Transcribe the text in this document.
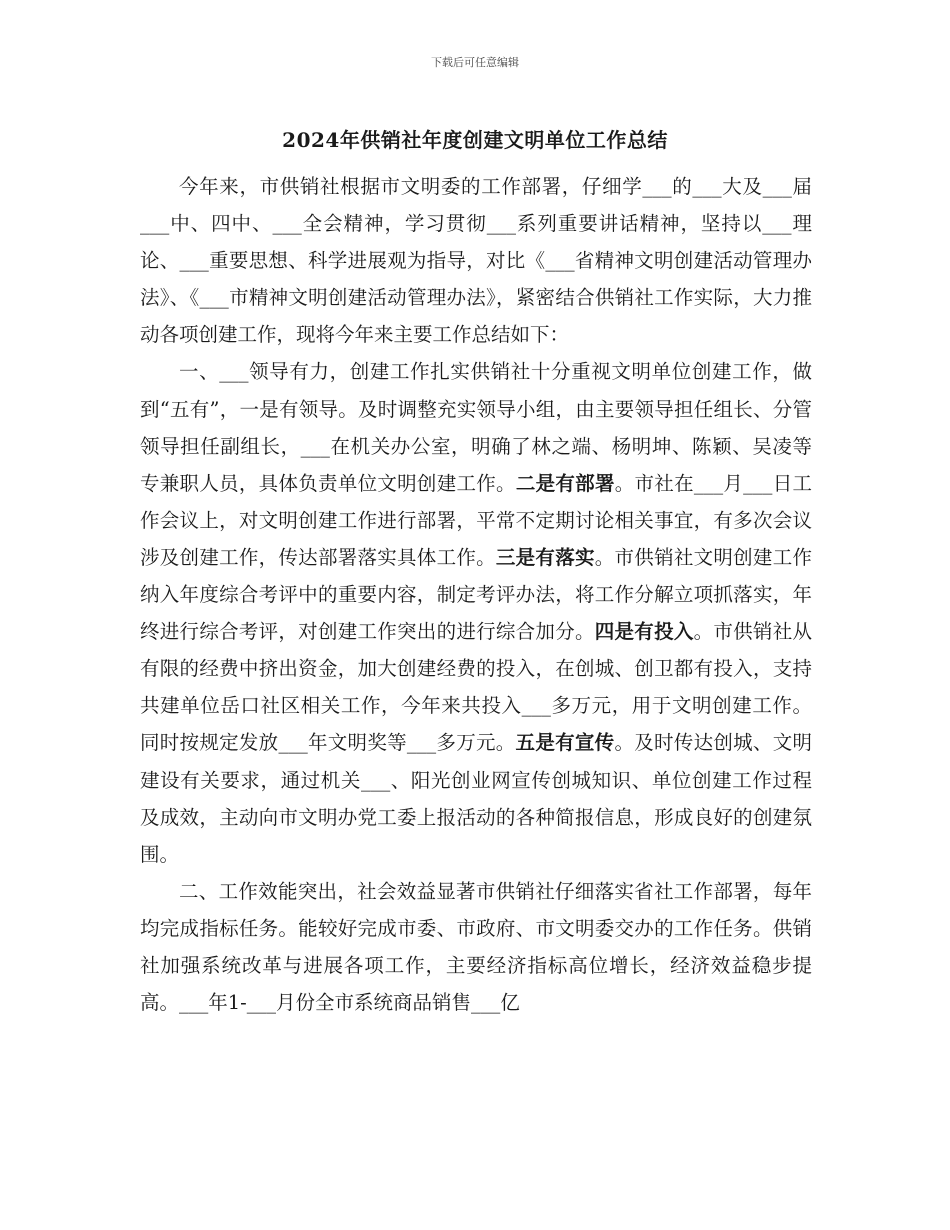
下载后可任意编辑
2024年供销社年度创建文明单位工作总结

今年来，市供销社根据市文明委的工作部署，仔细学___的___大及___届___中、四中、___全会精神，学习贯彻___系列重要讲话精神，坚持以___理论、___重要思想、科学进展观为指导，对比《___省精神文明创建活动管理办法》、《___市精神文明创建活动管理办法》，紧密结合供销社工作实际，大力推动各项创建工作，现将今年来主要工作总结如下：

一、___领导有力，创建工作扎实供销社十分重视文明单位创建工作，做到“五有”，一是有领导。及时调整充实领导小组，由主要领导担任组长、分管领导担任副组长，___在机关办公室，明确了林之端、杨明坤、陈颖、吴凌等专兼职人员，具体负责单位文明创建工作。二是有部署。市社在___月___日工作会议上，对文明创建工作进行部署，平常不定期讨论相关事宜，有多次会议涉及创建工作，传达部署落实具体工作。三是有落实。市供销社文明创建工作纳入年度综合考评中的重要内容，制定考评办法，将工作分解立项抓落实，年终进行综合考评，对创建工作突出的进行综合加分。四是有投入。市供销社从有限的经费中挤出资金，加大创建经费的投入，在创城、创卫都有投入，支持共建单位岳口社区相关工作，今年来共投入___多万元，用于文明创建工作。同时按规定发放___年文明奖等___多万元。五是有宣传。及时传达创城、文明建设有关要求，通过机关___、阳光创业网宣传创城知识、单位创建工作过程及成效，主动向市文明办党工委上报活动的各种简报信息，形成良好的创建氛围。

二、工作效能突出，社会效益显著市供销社仔细落实省社工作部署，每年均完成指标任务。能较好完成市委、市政府、市文明委交办的工作任务。供销社加强系统改革与进展各项工作，主要经济指标高位增长，经济效益稳步提高。___年1-___月份全市系统商品销售___亿
